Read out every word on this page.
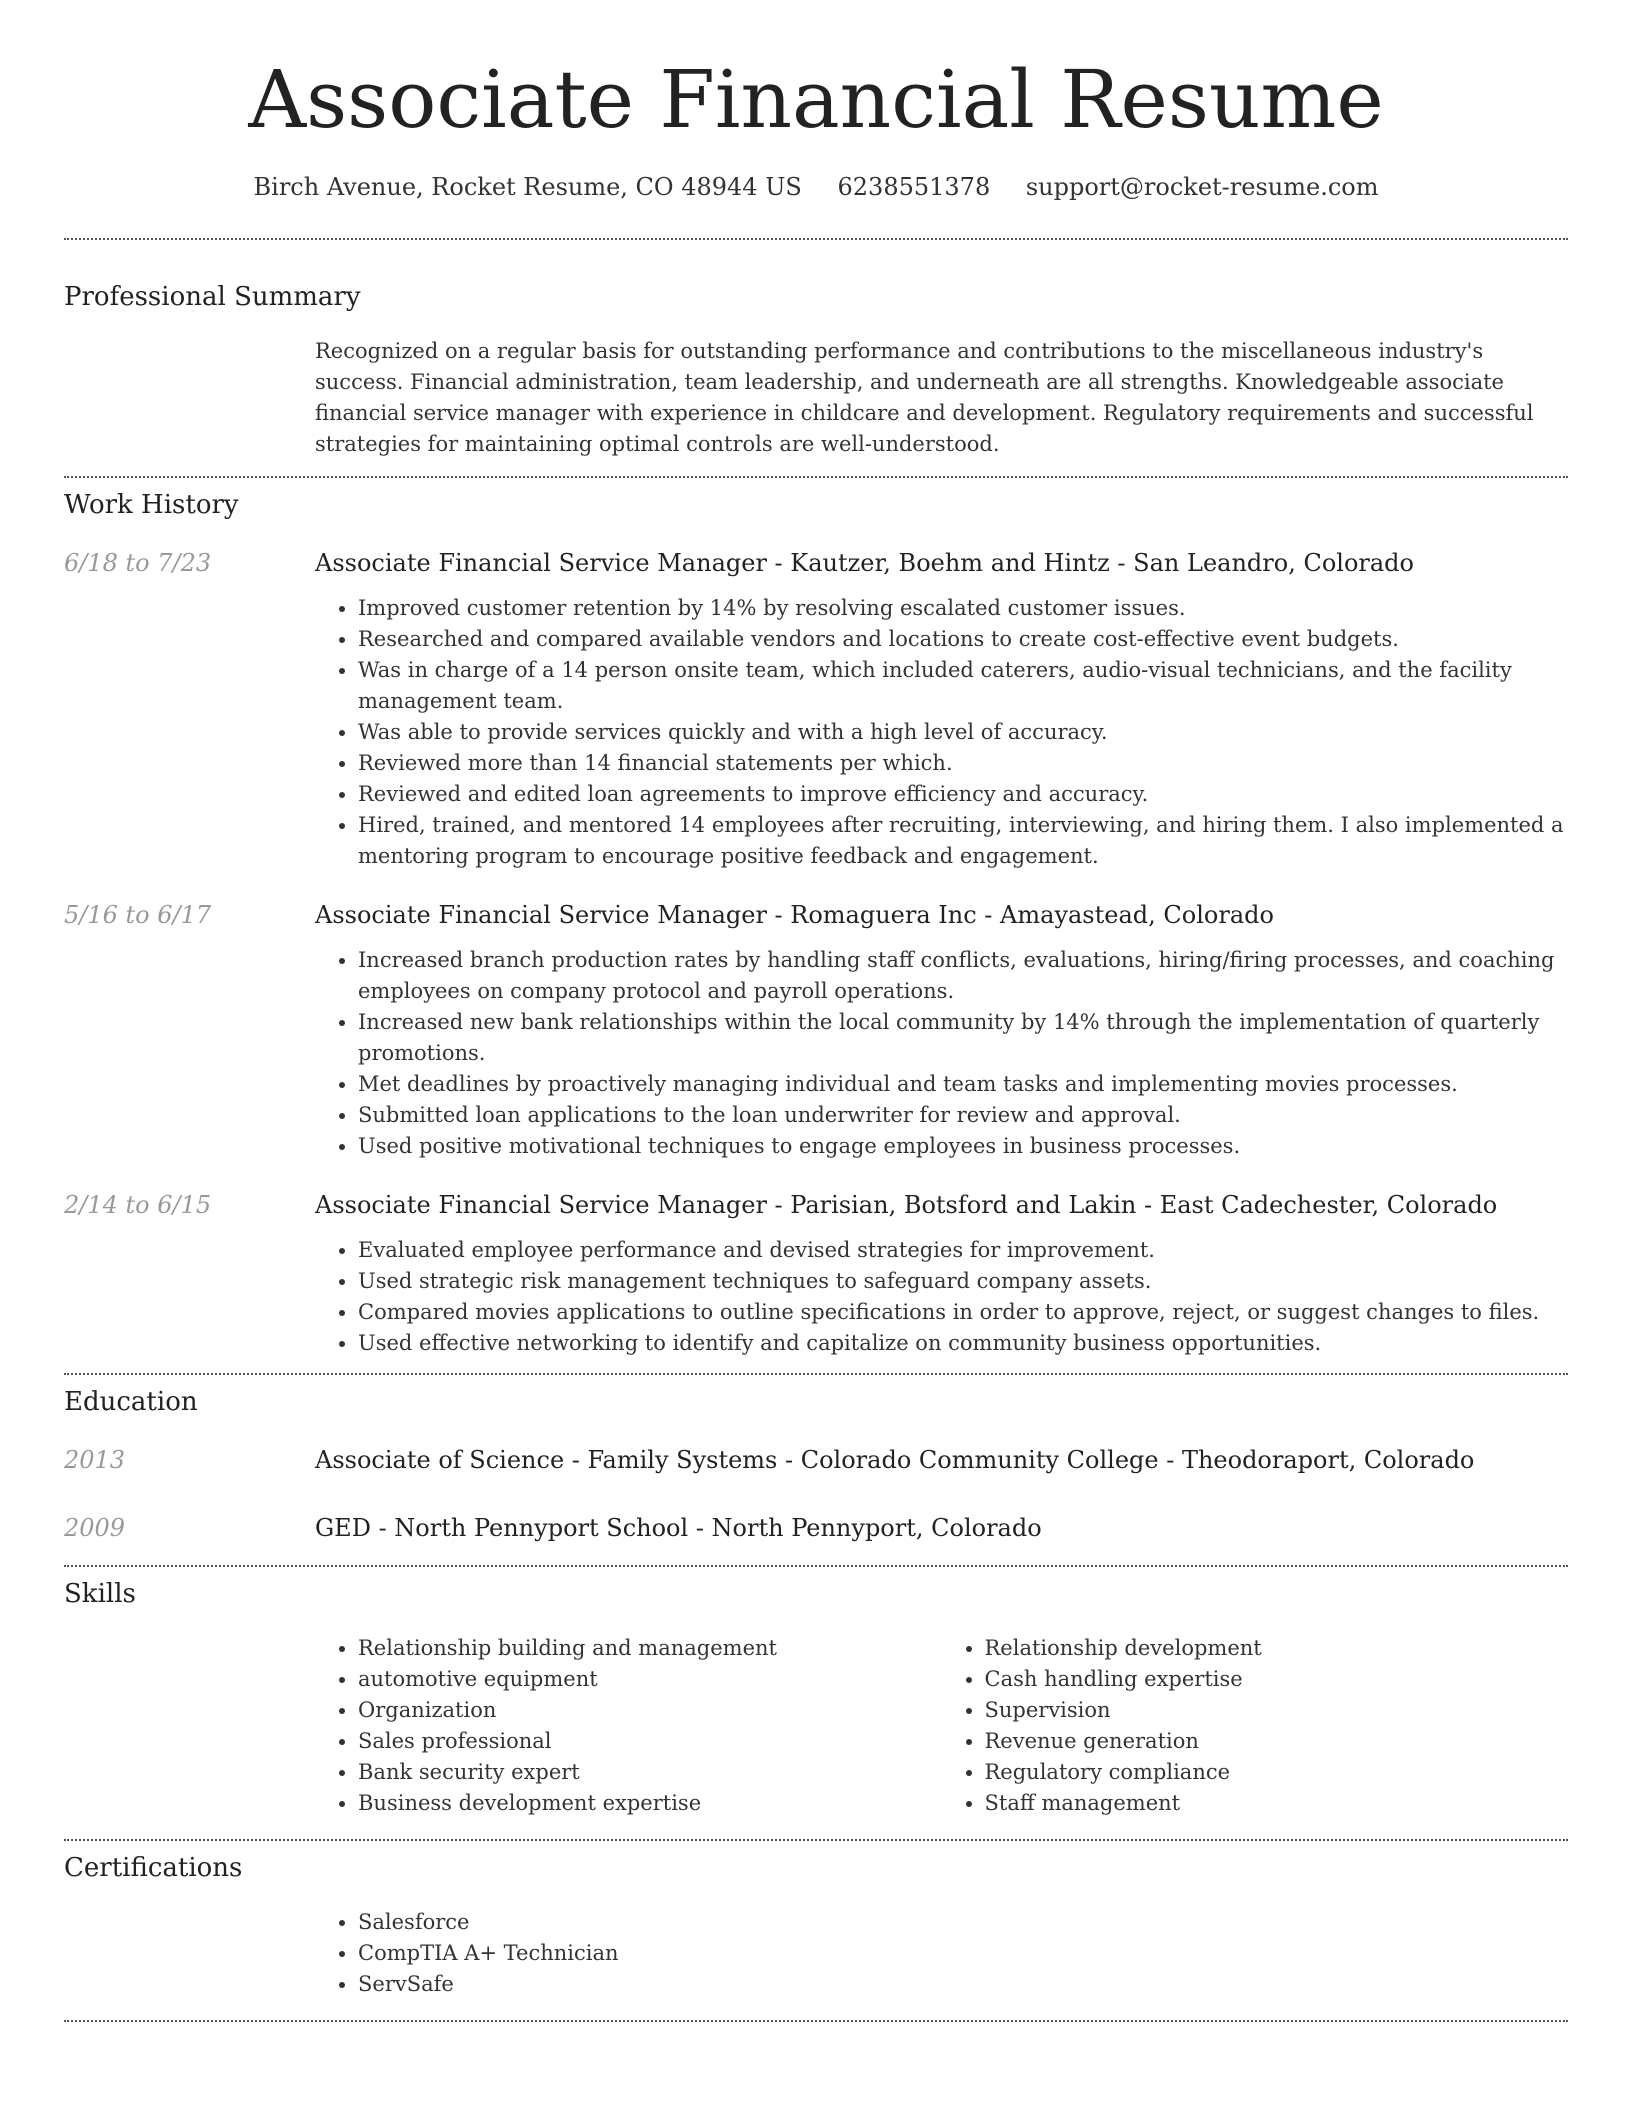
Associate Financial Resume
Birch Avenue, Rocket Resume, CO 48944 US 6238551378 support@rocket-resume.com
Professional Summary
Recognized on a regular basis for outstanding performance and contributions to the miscellaneous industry's success. Financial administration, team leadership, and underneath are all strengths. Knowledgeable associate financial service manager with experience in childcare and development. Regulatory requirements and successful strategies for maintaining optimal controls are well-understood.
Work History
6/18 to 7/23	Associate Financial Service Manager - Kautzer, Boehm and Hintz - San Leandro, Colorado
• Improved customer retention by 14% by resolving escalated customer issues.
• Researched and compared available vendors and locations to create cost-effective event budgets.
• Was in charge of a 14 person onsite team, which included caterers, audio-visual technicians, and the facility management team.
• Was able to provide services quickly and with a high level of accuracy.
• Reviewed more than 14 financial statements per which.
• Reviewed and edited loan agreements to improve efficiency and accuracy.
• Hired, trained, and mentored 14 employees after recruiting, interviewing, and hiring them. I also implemented a mentoring program to encourage positive feedback and engagement.
5/16 to 6/17	Associate Financial Service Manager - Romaguera Inc - Amayastead, Colorado
• Increased branch production rates by handling staff conflicts, evaluations, hiring/firing processes, and coaching employees on company protocol and payroll operations.
• Increased new bank relationships within the local community by 14% through the implementation of quarterly promotions.
• Met deadlines by proactively managing individual and team tasks and implementing movies processes.
• Submitted loan applications to the loan underwriter for review and approval.
• Used positive motivational techniques to engage employees in business processes.
2/14 to 6/15	Associate Financial Service Manager - Parisian, Botsford and Lakin - East Cadechester, Colorado
• Evaluated employee performance and devised strategies for improvement.
• Used strategic risk management techniques to safeguard company assets.
• Compared movies applications to outline specifications in order to approve, reject, or suggest changes to files.
• Used effective networking to identify and capitalize on community business opportunities.
Education
2013	Associate of Science - Family Systems - Colorado Community College - Theodoraport, Colorado
2009	GED - North Pennyport School - North Pennyport, Colorado
Skills
• Relationship building and management
• automotive equipment
• Organization
• Sales professional
• Bank security expert
• Business development expertise
• Relationship development
• Cash handling expertise
• Supervision
• Revenue generation
• Regulatory compliance
• Staff management
Certifications
• Salesforce
• CompTIA A+ Technician
• ServSafe
